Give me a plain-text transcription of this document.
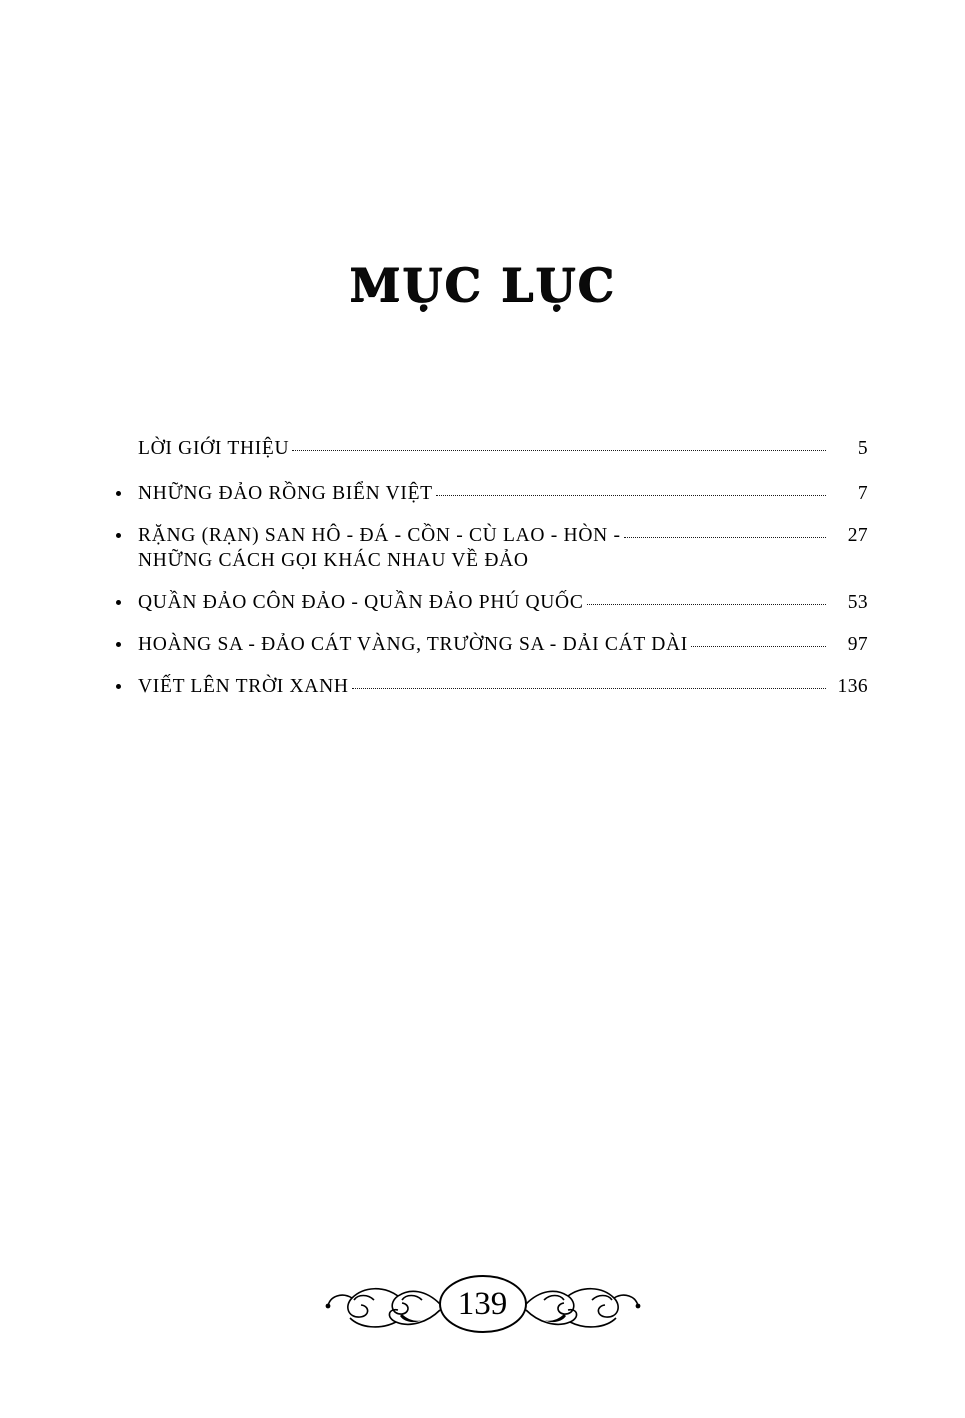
MỤC LỤC
LỜI GIỚI THIỆU	5
NHỮNG ĐẢO RỒNG BIỂN VIỆT	7
RẶNG (RẠN) SAN HÔ - ĐÁ - CỒN - CÙ LAO - HÒN -	27
NHỮNG CÁCH GỌI KHÁC NHAU VỀ ĐẢO
QUẦN ĐẢO CÔN ĐẢO - QUẦN ĐẢO PHÚ QUỐC	53
HOÀNG SA - ĐẢO CÁT VÀNG, TRƯỜNG SA - DẢI CÁT DÀI	97
VIẾT LÊN TRỜI XANH	136
139
